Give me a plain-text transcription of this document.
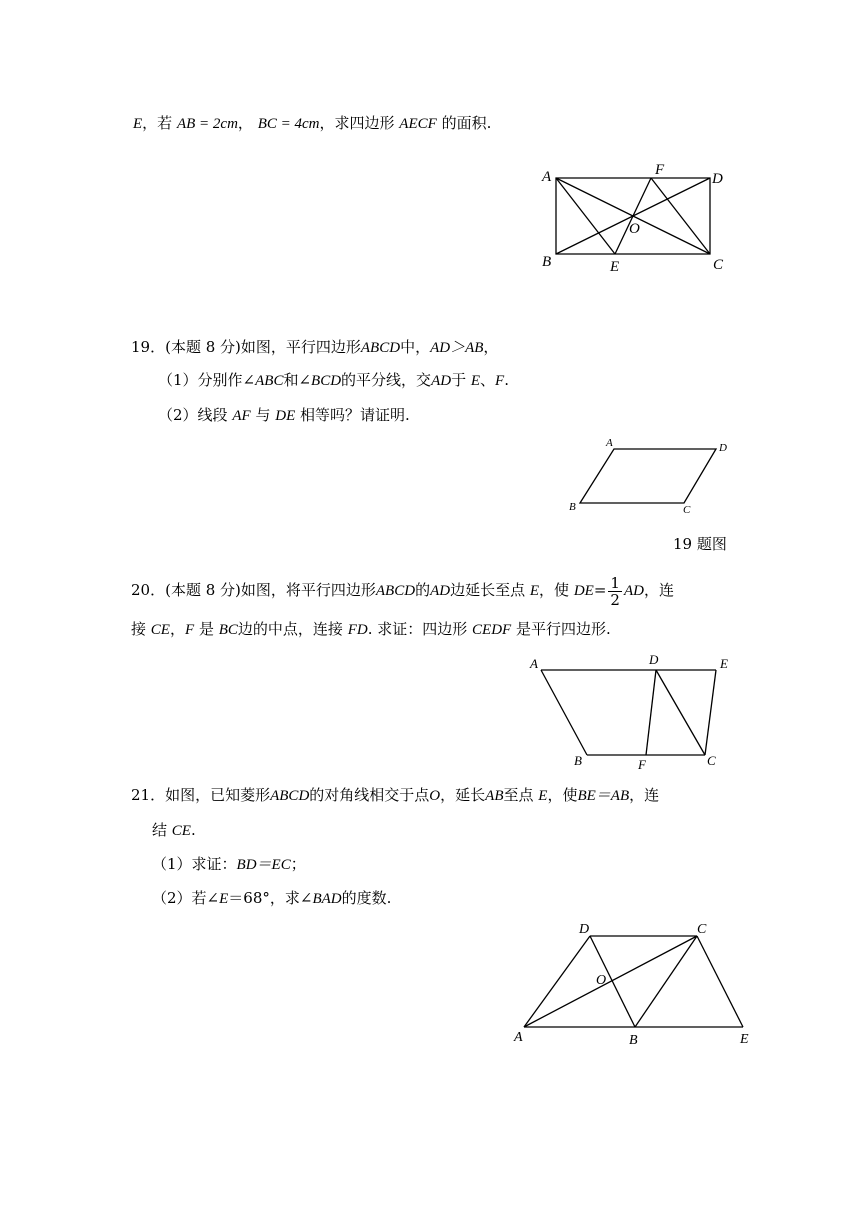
E，若 AB = 2cm， BC = 4cm，求四边形 AECF 的面积.
A	F
D
O
B	E	C
19．(本题 8 分)如图，平行四边形ABCD中，AD＞AB，
（1）分别作∠ABC和∠BCD的平分线，交AD于 E、F.
（2）线段 AF 与 DE 相等吗？请证明.
A	D
B	C
19 题图
20．(本题 8 分)如图，将平行四边形ABCD的AD边延长至点 E，使 $DE= \frac{1}{2}$ AD，连
接 CE，F 是 BC边的中点，连接 FD. 求证：四边形 CEDF 是平行四边形.
A	D	E
B	F	C
21．如图，已知菱形ABCD的对角线相交于点O，延长AB至点 E，使BE＝AB，连
结 CE.
（1）求证：BD＝EC；
（2）若∠E＝68°，求∠BAD的度数.
D	C
O
A	B	E
